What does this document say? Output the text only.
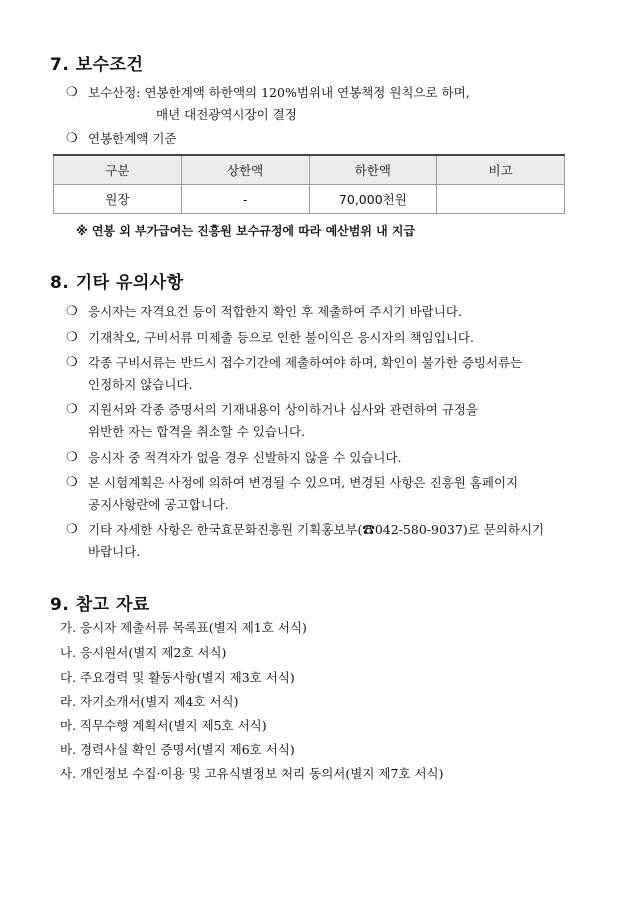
7. 보수조건
❍ 보수산정: 연봉한계액 하한액의 120%범위내 연봉책정 원칙으로 하며,
매년 대전광역시장이 결정
❍ 연봉한계액 기준
구분	상한액	하한액	비고
원장	-	70,000천원	
※ 연봉 외 부가급여는 진흥원 보수규정에 따라 예산범위 내 지급
8. 기타 유의사항
❍ 응시자는 자격요건 등이 적합한지 확인 후 제출하여 주시기 바랍니다.
❍ 기재착오, 구비서류 미제출 등으로 인한 불이익은 응시자의 책임입니다.
❍ 각종 구비서류는 반드시 접수기간에 제출하여야 하며, 확인이 불가한 증빙서류는
인정하지 않습니다.
❍ 지원서와 각종 증명서의 기재내용이 상이하거나 심사와 관련하여 규정을
위반한 자는 합격을 취소할 수 있습니다.
❍ 응시자 중 적격자가 없을 경우 신발하지 않을 수 있습니다.
❍ 본 시험계획은 사정에 의하여 변경될 수 있으며, 변경된 사항은 진흥원 홈페이지
공지사항란에 공고합니다.
❍ 기타 자세한 사항은 한국효문화진흥원 기획홍보부(☎042-580-9037)로 문의하시기
바랍니다.
9. 참고 자료
가. 응시자 제출서류 목록표(별지 제1호 서식)
나. 응시원서(별지 제2호 서식)
다. 주요경력 및 활동사항(별지 제3호 서식)
라. 자기소개서(별지 제4호 서식)
마. 직무수행 계획서(별지 제5호 서식)
바. 경력사실 확인 증명서(별지 제6호 서식)
사. 개인정보 수집·이용 및 고유식별정보 처리 동의서(별지 제7호 서식)
